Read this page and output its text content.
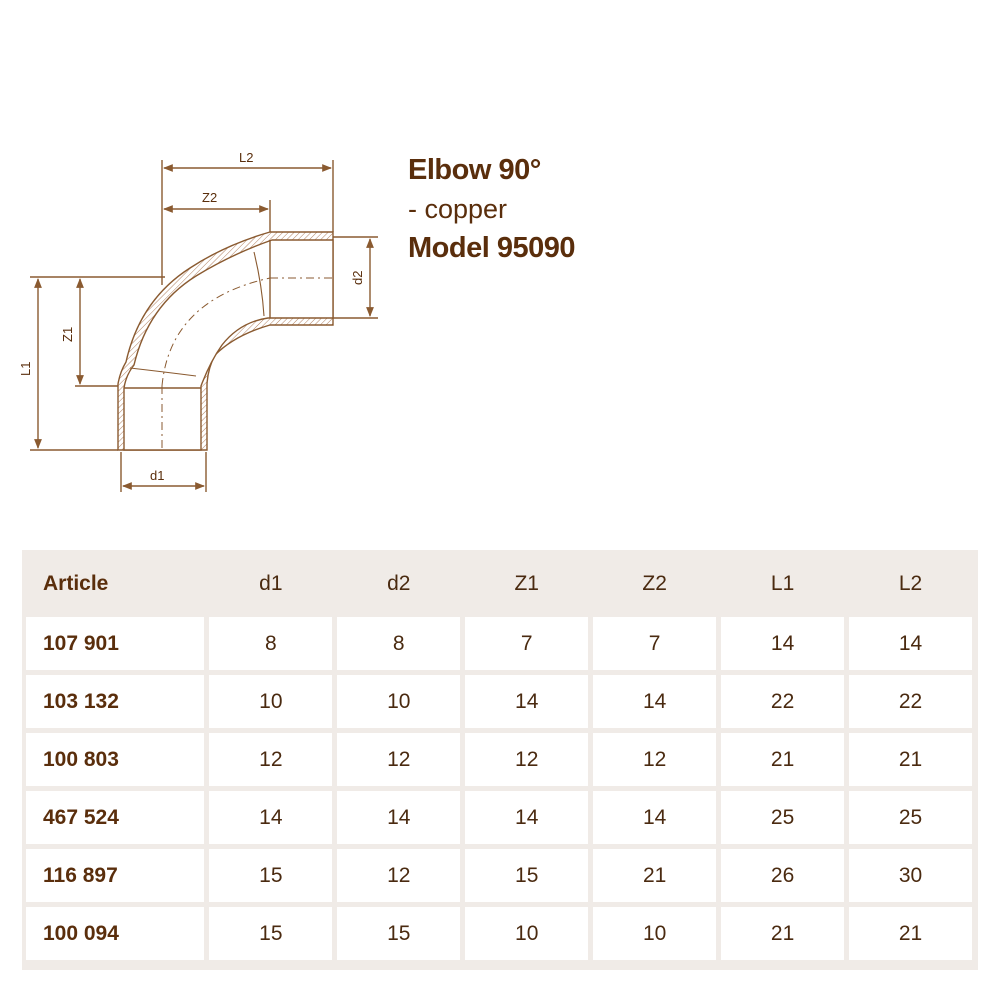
L2
Z2
d2
Z1
L1
d1
Elbow 90°
- copper
Model 95090
Article	d1	d2	Z1	Z2	L1	L2
107 901	8	8	7	7	14	14
103 132	10	10	14	14	22	22
100 803	12	12	12	12	21	21
467 524	14	14	14	14	25	25
116 897	15	12	15	21	26	30
100 094	15	15	10	10	21	21
